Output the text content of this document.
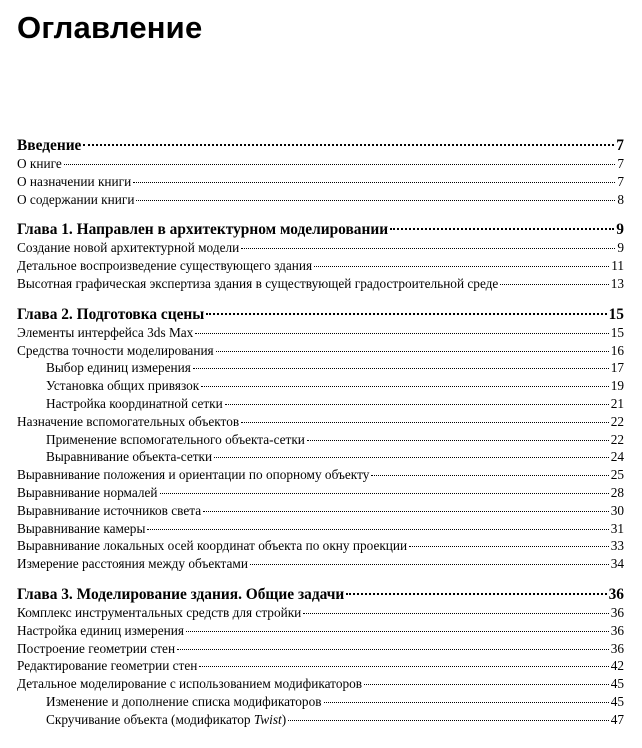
Оглавление
Введение	7
О книге	7
О назначении книги	7
О содержании книги	8
Глава 1. Направлен в архитектурном моделировании	9
Создание новой архитектурной модели	9
Детальное воспроизведение существующего здания	11
Высотная графическая экспертиза здания в существующей градостроительной среде	13
Глава 2. Подготовка сцены	15
Элементы интерфейса 3ds Max	15
Средства точности моделирования	16
Выбор единиц измерения	17
Установка общих привязок	19
Настройка координатной сетки	21
Назначение вспомогательных объектов	22
Применение вспомогательного объекта-сетки	22
Выравнивание объекта-сетки	24
Выравнивание положения и ориентации по опорному объекту	25
Выравнивание нормалей	28
Выравнивание источников света	30
Выравнивание камеры	31
Выравнивание локальных осей координат объекта по окну проекции	33
Измерение расстояния между объектами	34
Глава 3. Моделирование здания. Общие задачи	36
Комплекс инструментальных средств для стройки	36
Настройка единиц измерения	36
Построение геометрии стен	36
Редактирование геометрии стен	42
Детальное моделирование с использованием модификаторов	45
Изменение и дополнение списка модификаторов	45
Скручивание объекта (модификатор Twist)	47
